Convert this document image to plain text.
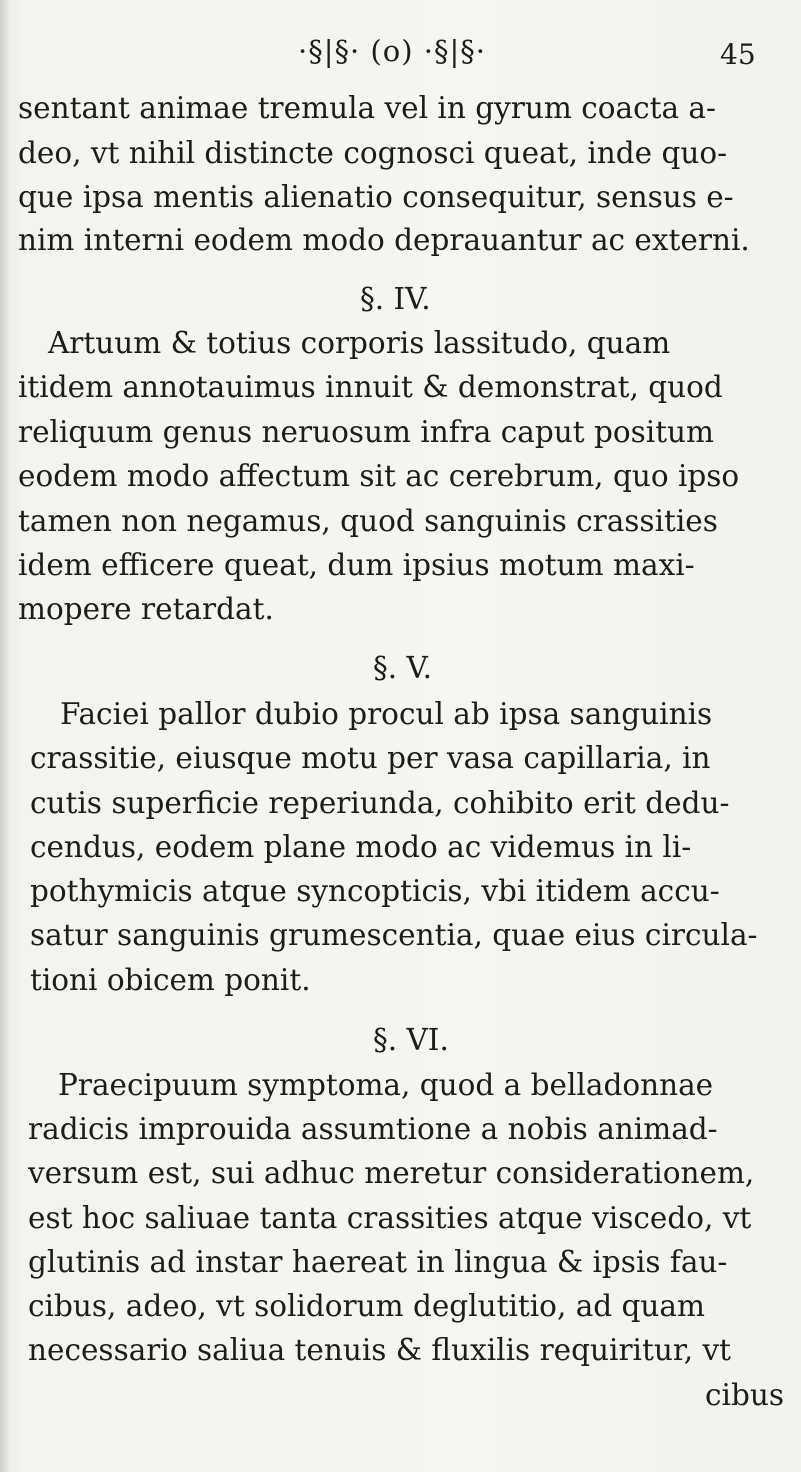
·§|§· (o) ·§|§·	45
sentant animae tremula vel in gyrum coacta a-
deo, vt nihil distincte cognosci queat, inde quo-
que ipsa mentis alienatio consequitur, sensus e-
nim interni eodem modo deprauantur ac externi.
§. IV.
Artuum & totius corporis lassitudo, quam
itidem annotauimus innuit & demonstrat, quod
reliquum genus neruosum infra caput positum
eodem modo affectum sit ac cerebrum, quo ipso
tamen non negamus, quod sanguinis crassities
idem efficere queat, dum ipsius motum maxi-
mopere retardat.
§. V.
Faciei pallor dubio procul ab ipsa sanguinis
crassitie, eiusque motu per vasa capillaria, in
cutis superficie reperiunda, cohibito erit dedu-
cendus, eodem plane modo ac videmus in li-
pothymicis atque syncopticis, vbi itidem accu-
satur sanguinis grumescentia, quae eius circula-
tioni obicem ponit.
§. VI.
Praecipuum symptoma, quod a belladonnae
radicis improuida assumtione a nobis animad-
versum est, sui adhuc meretur considerationem,
est hoc saliuae tanta crassities atque viscedo, vt
glutinis ad instar haereat in lingua & ipsis fau-
cibus, adeo, vt solidorum deglutitio, ad quam
necessario saliua tenuis & fluxilis requiritur, vt
cibus
